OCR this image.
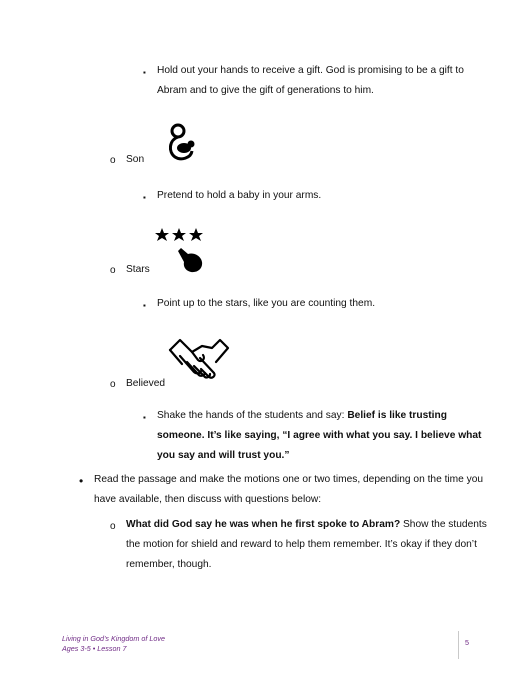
▪ Hold out your hands to receive a gift. God is promising to be a gift to
Abram and to give the gift of generations to him.
o Son
▪ Pretend to hold a baby in your arms.
o Stars
▪ Point up to the stars, like you are counting them.
o Believed
▪ Shake the hands of the students and say: Belief is like trusting
someone. It’s like saying, “I agree with what you say. I believe what
you say and will trust you.”
• Read the passage and make the motions one or two times, depending on the time you
have available, then discuss with questions below:
o What did God say he was when he first spoke to Abram? Show the students
the motion for shield and reward to help them remember. It’s okay if they don’t
remember, though.
Living in God’s Kingdom of Love
Ages 3-5 • Lesson 7
5
